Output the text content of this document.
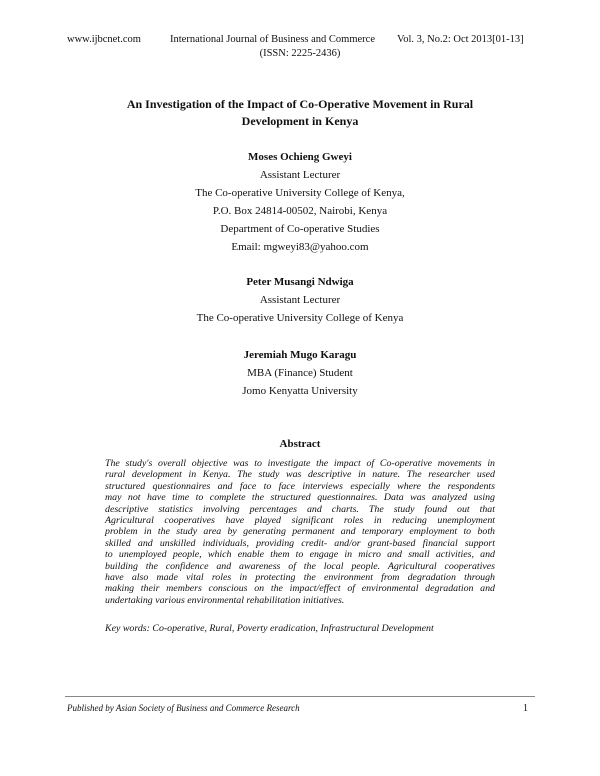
www.ijbcnet.com	International Journal of Business and Commerce Vol. 3, No.2: Oct 2013[01-13]
(ISSN: 2225-2436)
An Investigation of the Impact of Co-Operative Movement in Rural
Development in Kenya
Moses Ochieng Gweyi
Assistant Lecturer
The Co-operative University College of Kenya,
P.O. Box 24814-00502, Nairobi, Kenya
Department of Co-operative Studies
Email: mgweyi83@yahoo.com
Peter Musangi Ndwiga
Assistant Lecturer
The Co-operative University College of Kenya
Jeremiah Mugo Karagu
MBA (Finance) Student
Jomo Kenyatta University
Abstract
The study's overall objective was to investigate the impact of Co-operative movements in
rural development in Kenya. The study was descriptive in nature. The researcher used
structured questionnaires and face to face interviews especially where the respondents
may not have time to complete the structured questionnaires. Data was analyzed using
descriptive statistics involving percentages and charts. The study found out that
Agricultural cooperatives have played significant roles in reducing unemployment
problem in the study area by generating permanent and temporary employment to both
skilled and unskilled individuals, providing credit- and/or grant-based financial support
to unemployed people, which enable them to engage in micro and small activities, and
building the confidence and awareness of the local people. Agricultural cooperatives
have also made vital roles in protecting the environment from degradation through
making their members conscious on the impact/effect of environmental degradation and
undertaking various environmental rehabilitation initiatives.
Key words: Co-operative, Rural, Poverty eradication, Infrastructural Development
Published by Asian Society of Business and Commerce Research	1
